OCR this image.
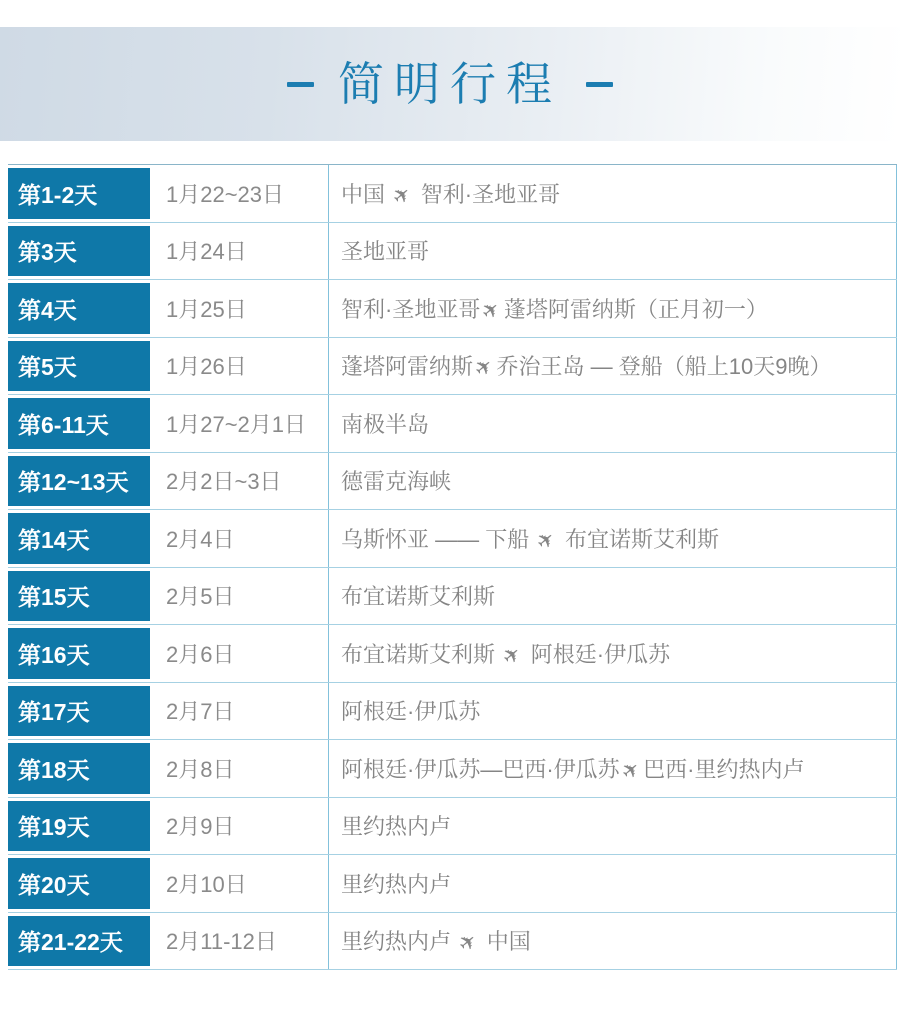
简明行程
第1-2天	1月22~23日	中国 ✈ 智利·圣地亚哥
第3天	1月24日	圣地亚哥
第4天	1月25日	智利·圣地亚哥✈蓬塔阿雷纳斯（正月初一）
第5天	1月26日	蓬塔阿雷纳斯✈乔治王岛 — 登船（船上10天9晚）
第6-11天	1月27~2月1日 南极半岛
第12~13天 2月2日~3日	德雷克海峡
第14天	2月4日	乌斯怀亚 —— 下船 ✈ 布宜诺斯艾利斯
第15天	2月5日	布宜诺斯艾利斯
第16天	2月6日	布宜诺斯艾利斯 ✈ 阿根廷·伊瓜苏
第17天	2月7日	阿根廷·伊瓜苏
第18天	2月8日	阿根廷·伊瓜苏—巴西·伊瓜苏✈巴西·里约热内卢
第19天	2月9日	里约热内卢
第20天	2月10日	里约热内卢
第21-22天 2月11-12日	里约热内卢 ✈ 中国
